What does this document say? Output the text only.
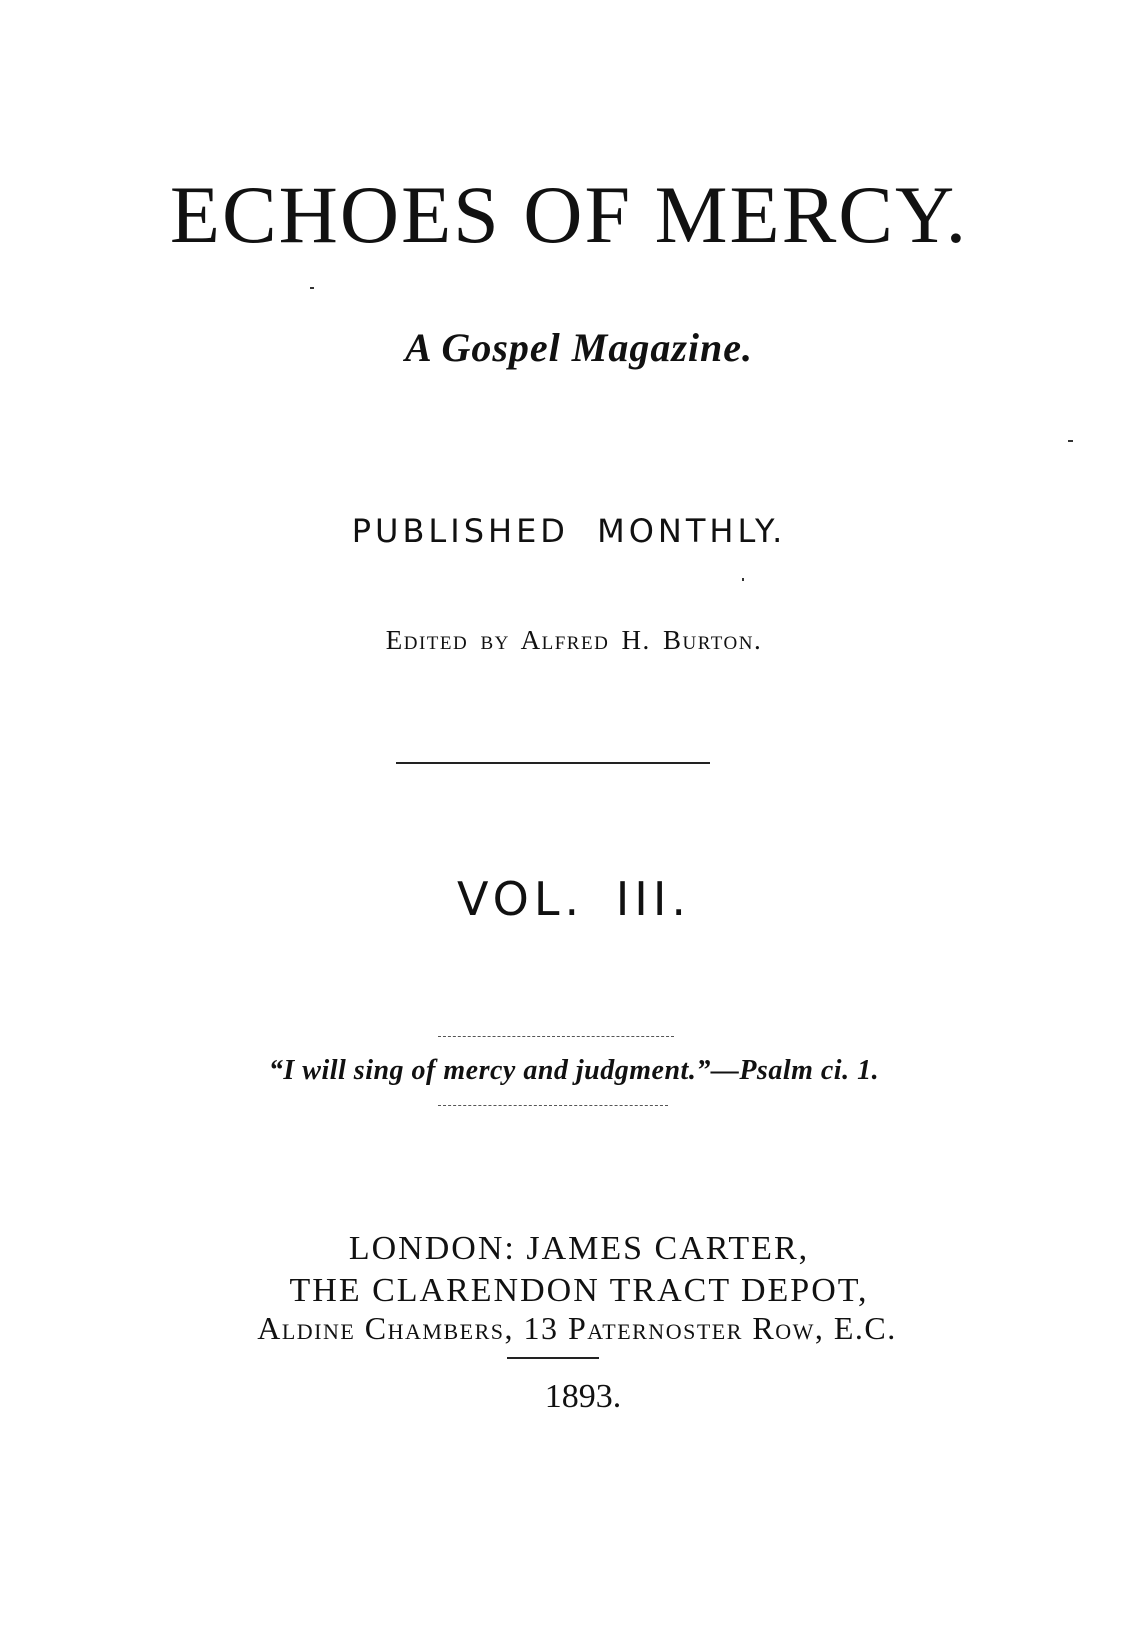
ECHOES OF MERCY.
A Gospel Magazine.
PUBLISHED MONTHLY.
Edited by Alfred H. Burton.
VOL. III.
“I will sing of mercy and judgment.”—Psalm ci. 1.
LONDON: JAMES CARTER,
THE CLARENDON TRACT DEPOT,
Aldine Chambers, 13 Paternoster Row, E.C.
1893.
